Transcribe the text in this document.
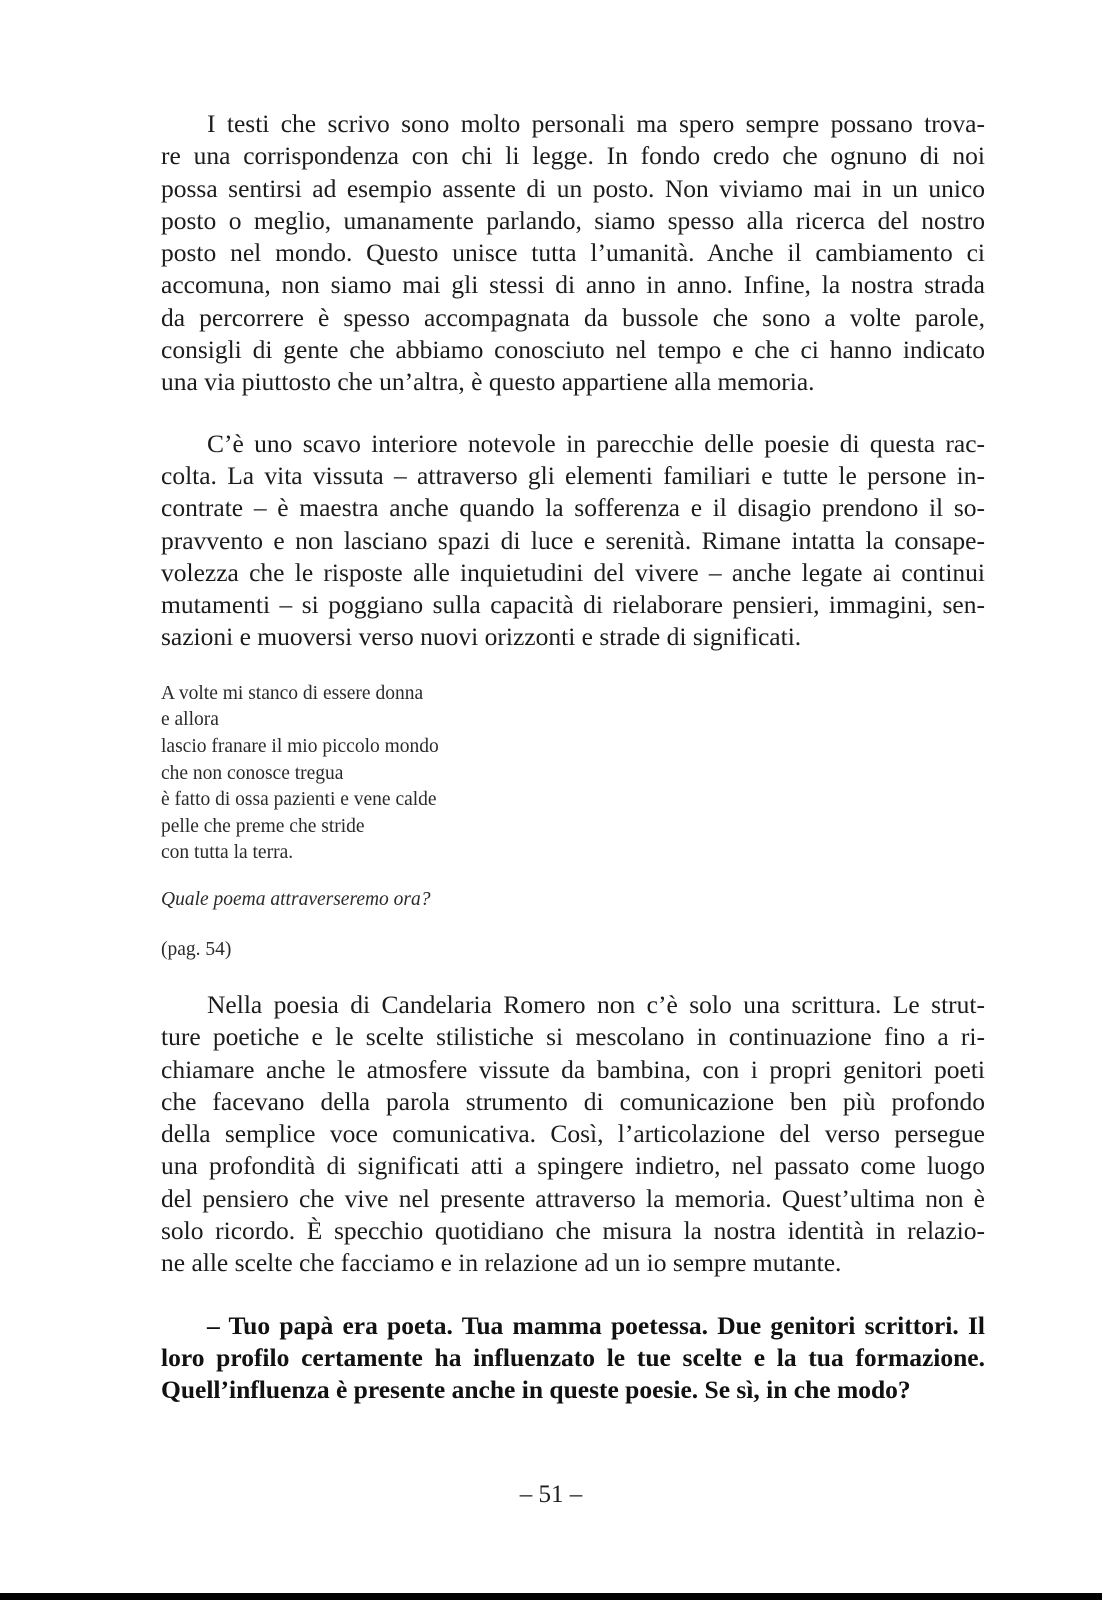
I testi che scrivo sono molto personali ma spero sempre possano trova-
re una corrispondenza con chi li legge. In fondo credo che ognuno di noi
possa sentirsi ad esempio assente di un posto. Non viviamo mai in un unico
posto o meglio, umanamente parlando, siamo spesso alla ricerca del nostro
posto nel mondo. Questo unisce tutta l’umanità. Anche il cambiamento ci
accomuna, non siamo mai gli stessi di anno in anno. Infine, la nostra strada
da percorrere è spesso accompagnata da bussole che sono a volte parole,
consigli di gente che abbiamo conosciuto nel tempo e che ci hanno indicato
una via piuttosto che un’altra, è questo appartiene alla memoria.
C’è uno scavo interiore notevole in parecchie delle poesie di questa rac-
colta. La vita vissuta – attraverso gli elementi familiari e tutte le persone in-
contrate – è maestra anche quando la sofferenza e il disagio prendono il so-
pravvento e non lasciano spazi di luce e serenità. Rimane intatta la consape-
volezza che le risposte alle inquietudini del vivere – anche legate ai continui
mutamenti – si poggiano sulla capacità di rielaborare pensieri, immagini, sen-
sazioni e muoversi verso nuovi orizzonti e strade di significati.
A volte mi stanco di essere donna
e allora
lascio franare il mio piccolo mondo
che non conosce tregua
è fatto di ossa pazienti e vene calde
pelle che preme che stride
con tutta la terra.
Quale poema attraverseremo ora?
(pag. 54)
Nella poesia di Candelaria Romero non c’è solo una scrittura. Le strut-
ture poetiche e le scelte stilistiche si mescolano in continuazione fino a ri-
chiamare anche le atmosfere vissute da bambina, con i propri genitori poeti
che facevano della parola strumento di comunicazione ben più profondo
della semplice voce comunicativa. Così, l’articolazione del verso persegue
una profondità di significati atti a spingere indietro, nel passato come luogo
del pensiero che vive nel presente attraverso la memoria. Quest’ultima non è
solo ricordo. È specchio quotidiano che misura la nostra identità in relazio-
ne alle scelte che facciamo e in relazione ad un io sempre mutante.
– Tuo papà era poeta. Tua mamma poetessa. Due genitori scrittori. Il
loro profilo certamente ha influenzato le tue scelte e la tua formazione.
Quell’influenza è presente anche in queste poesie. Se sì, in che modo?
– 51 –
